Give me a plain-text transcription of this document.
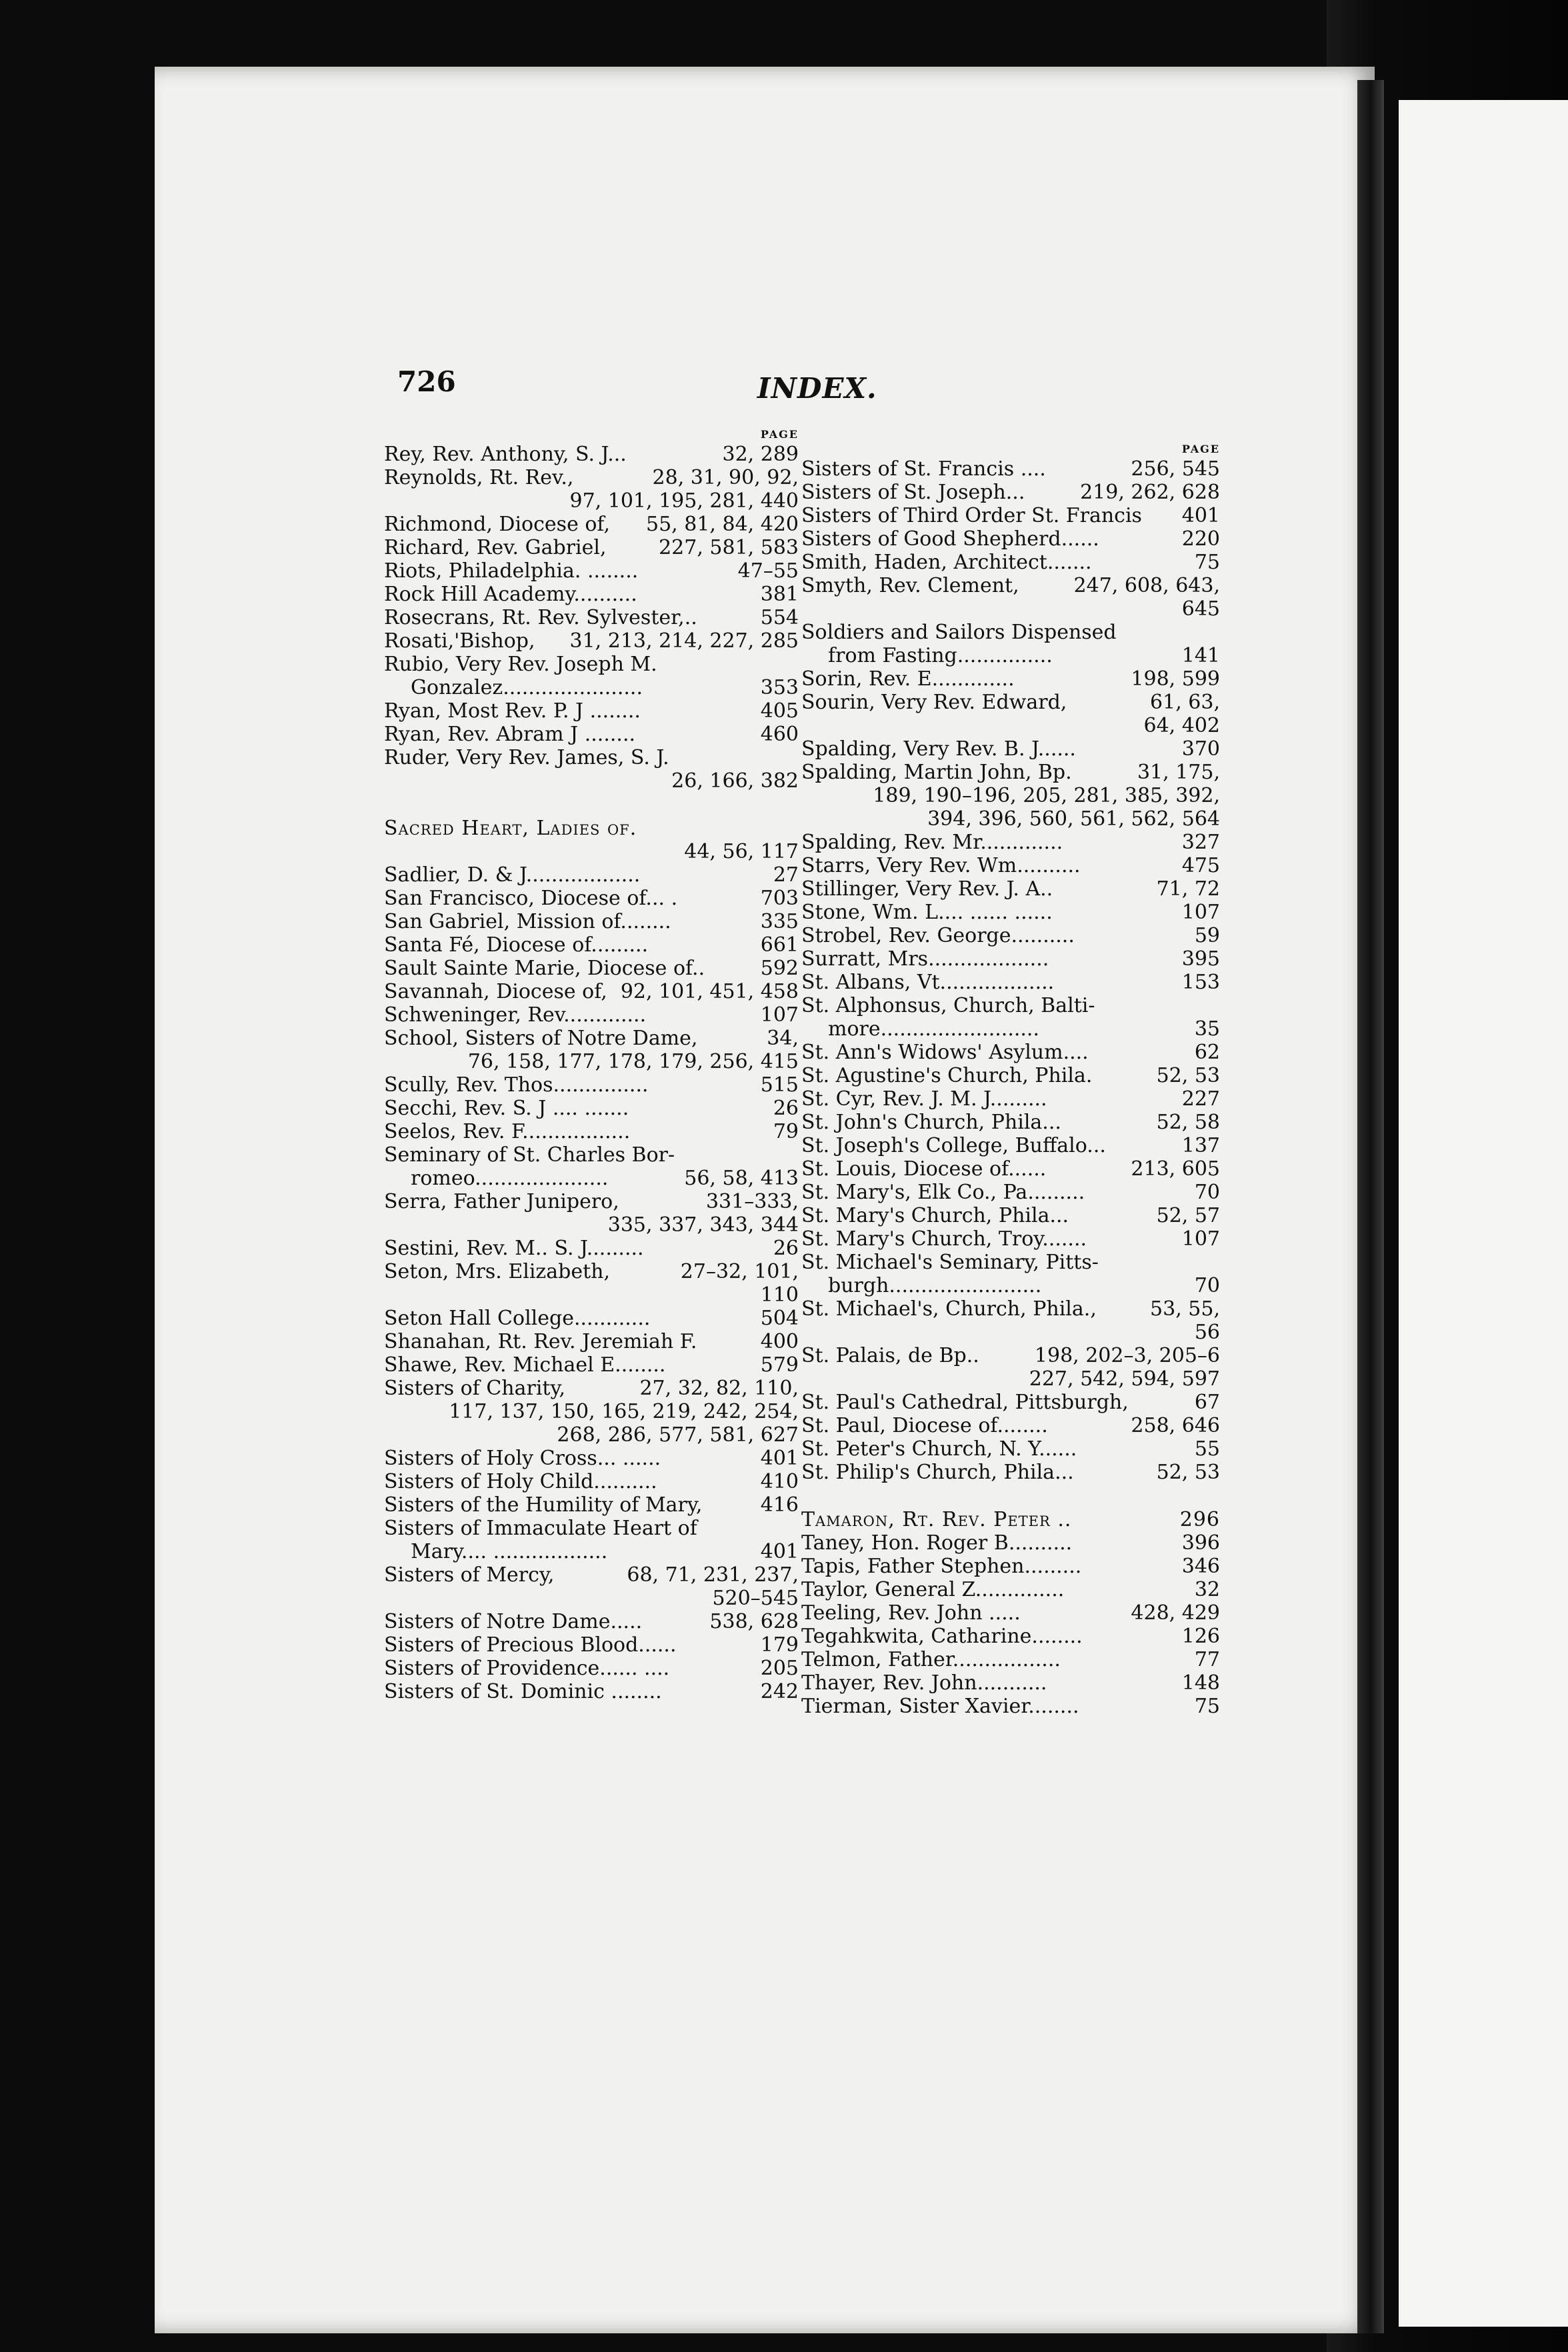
726	INDEX.
PAGE
Rey, Rev. Anthony, S. J...	32, 289
Reynolds, Rt. Rev.,	28, 31, 90, 92,
97, 101, 195, 281, 440
Richmond, Diocese of,	55, 81, 84, 420
Richard, Rev. Gabriel,	227, 581, 583
Riots, Philadelphia. ........	47–55
Rock Hill Academy..........	381
Rosecrans, Rt. Rev. Sylvester,..	554
Rosati,'Bishop,	31, 213, 214, 227, 285
Rubio, Very Rev. Joseph M.
Gonzalez......................	353
Ryan, Most Rev. P. J ........	405
Ryan, Rev. Abram J ........	460
Ruder, Very Rev. James, S. J.
26, 166, 382
Sacred Heart, Ladies of.
44, 56, 117
Sadlier, D. & J..................	27
San Francisco, Diocese of... .	703
San Gabriel, Mission of........	335
Santa Fé, Diocese of.........	661
Sault Sainte Marie, Diocese of..	592
Savannah, Diocese of, 92, 101, 451, 458
Schweninger, Rev.............	107
School, Sisters of Notre Dame,	34,
76, 158, 177, 178, 179, 256, 415
Scully, Rev. Thos...............	515
Secchi, Rev. S. J .... .......	26
Seelos, Rev. F.................	79
Seminary of St. Charles Bor-
romeo.....................	56, 58, 413
Serra, Father Junipero,	331–333,
335, 337, 343, 344
Sestini, Rev. M.. S. J.........	26
Seton, Mrs. Elizabeth,	27–32, 101,
110
Seton Hall College............	504
Shanahan, Rt. Rev. Jeremiah F.	400
Shawe, Rev. Michael E........	579
Sisters of Charity,	27, 32, 82, 110,
117, 137, 150, 165, 219, 242, 254,
268, 286, 577, 581, 627
Sisters of Holy Cross... ......	401
Sisters of Holy Child..........	410
Sisters of the Humility of Mary,	416
Sisters of Immaculate Heart of
Mary.... ..................	401
Sisters of Mercy,	68, 71, 231, 237,
520–545
Sisters of Notre Dame.....	538, 628
Sisters of Precious Blood......	179
Sisters of Providence...... ....	205
Sisters of St. Dominic ........	242
PAGE
Sisters of St. Francis ....	256, 545
Sisters of St. Joseph...	219, 262, 628
Sisters of Third Order St. Francis	401
Sisters of Good Shepherd......	220
Smith, Haden, Architect.......	75
Smyth, Rev. Clement,	247, 608, 643,
645
Soldiers and Sailors Dispensed
from Fasting...............	141
Sorin, Rev. E.............	198, 599
Sourin, Very Rev. Edward,	61, 63,
64, 402
Spalding, Very Rev. B. J......	370
Spalding, Martin John, Bp.	31, 175,
189, 190–196, 205, 281, 385, 392,
394, 396, 560, 561, 562, 564
Spalding, Rev. Mr.............	327
Starrs, Very Rev. Wm..........	475
Stillinger, Very Rev. J. A..	71, 72
Stone, Wm. L.... ...... ......	107
Strobel, Rev. George..........	59
Surratt, Mrs...................	395
St. Albans, Vt..................	153
St. Alphonsus, Church, Balti-
more.........................	35
St. Ann's Widows' Asylum....	62
St. Agustine's Church, Phila.	52, 53
St. Cyr, Rev. J. M. J.........	227
St. John's Church, Phila...	52, 58
St. Joseph's College, Buffalo...	137
St. Louis, Diocese of......	213, 605
St. Mary's, Elk Co., Pa.........	70
St. Mary's Church, Phila...	52, 57
St. Mary's Church, Troy.......	107
St. Michael's Seminary, Pitts-
burgh........................	70
St. Michael's, Church, Phila.,	53, 55,
56
St. Palais, de Bp..	198, 202–3, 205–6
227, 542, 594, 597
St. Paul's Cathedral, Pittsburgh,	67
St. Paul, Diocese of........	258, 646
St. Peter's Church, N. Y......	55
St. Philip's Church, Phila...	52, 53
Tamaron, Rt. Rev. Peter ..	296
Taney, Hon. Roger B..........	396
Tapis, Father Stephen.........	346
Taylor, General Z..............	32
Teeling, Rev. John .....	428, 429
Tegahkwita, Catharine........	126
Telmon, Father.................	77
Thayer, Rev. John...........	148
Tierman, Sister Xavier........	75
